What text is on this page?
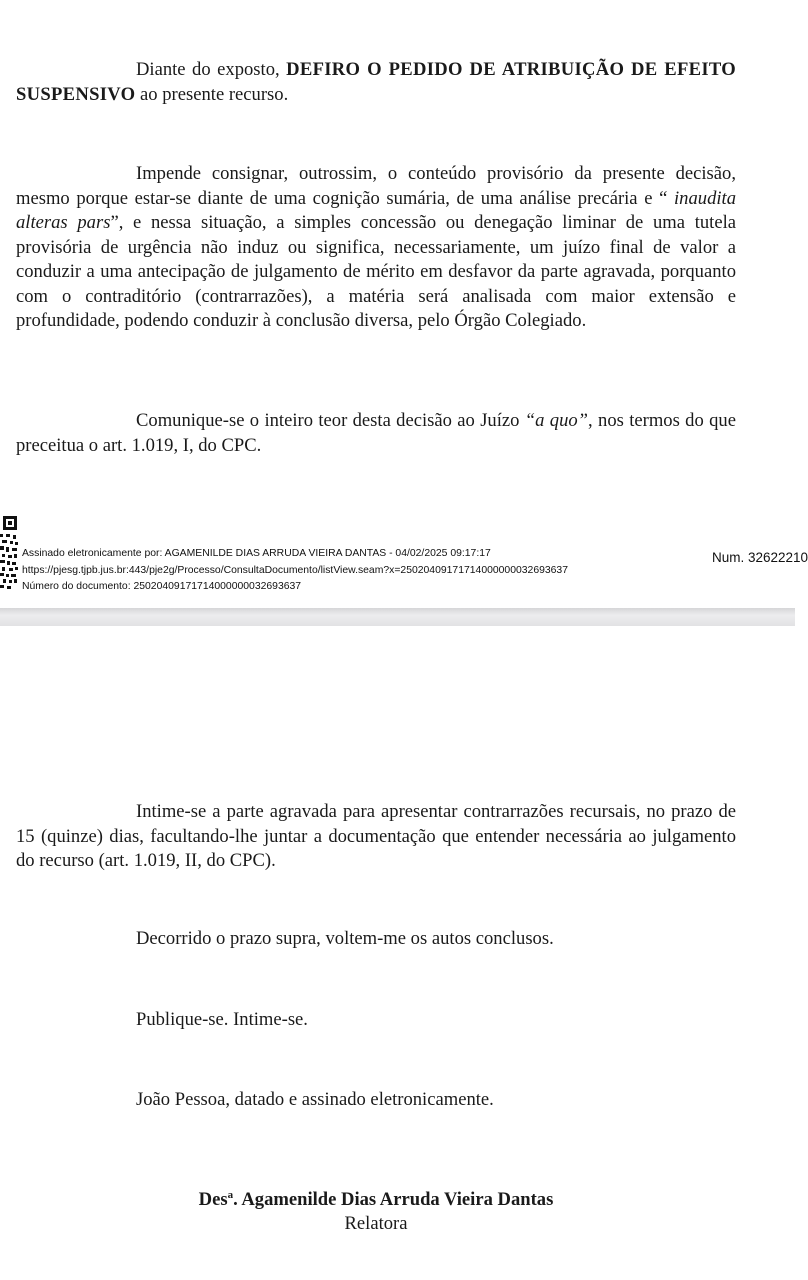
Diante do exposto, DEFIRO O PEDIDO DE ATRIBUIÇÃO DE EFEITO SUSPENSIVO ao presente recurso.

Impende consignar, outrossim, o conteúdo provisório da presente decisão, mesmo porque estar-se diante de uma cognição sumária, de uma análise precária e “ inaudita alteras pars”, e nessa situação, a simples concessão ou denegação liminar de uma tutela provisória de urgência não induz ou significa, necessariamente, um juízo final de valor a conduzir a uma antecipação de julgamento de mérito em desfavor da parte agravada, porquanto com o contraditório (contrarrazões), a matéria será analisada com maior extensão e profundidade, podendo conduzir à conclusão diversa, pelo Órgão Colegiado.

Comunique-se o inteiro teor desta decisão ao Juízo “a quo”, nos termos do que preceitua o art. 1.019, I, do CPC.

Assinado eletronicamente por: AGAMENILDE DIAS ARRUDA VIEIRA DANTAS - 04/02/2025 09:17:17
https://pjesg.tjpb.jus.br:443/pje2g/Processo/ConsultaDocumento/listView.seam?x=25020409171714000000032693637
Número do documento: 25020409171714000000032693637
Num. 32622210

Intime-se a parte agravada para apresentar contrarrazões recursais, no prazo de 15 (quinze) dias, facultando-lhe juntar a documentação que entender necessária ao julgamento do recurso (art. 1.019, II, do CPC).

Decorrido o prazo supra, voltem-me os autos conclusos.

Publique-se. Intime-se.

João Pessoa, datado e assinado eletronicamente.

Des$^a$. Agamenilde Dias Arruda Vieira Dantas
Relatora
